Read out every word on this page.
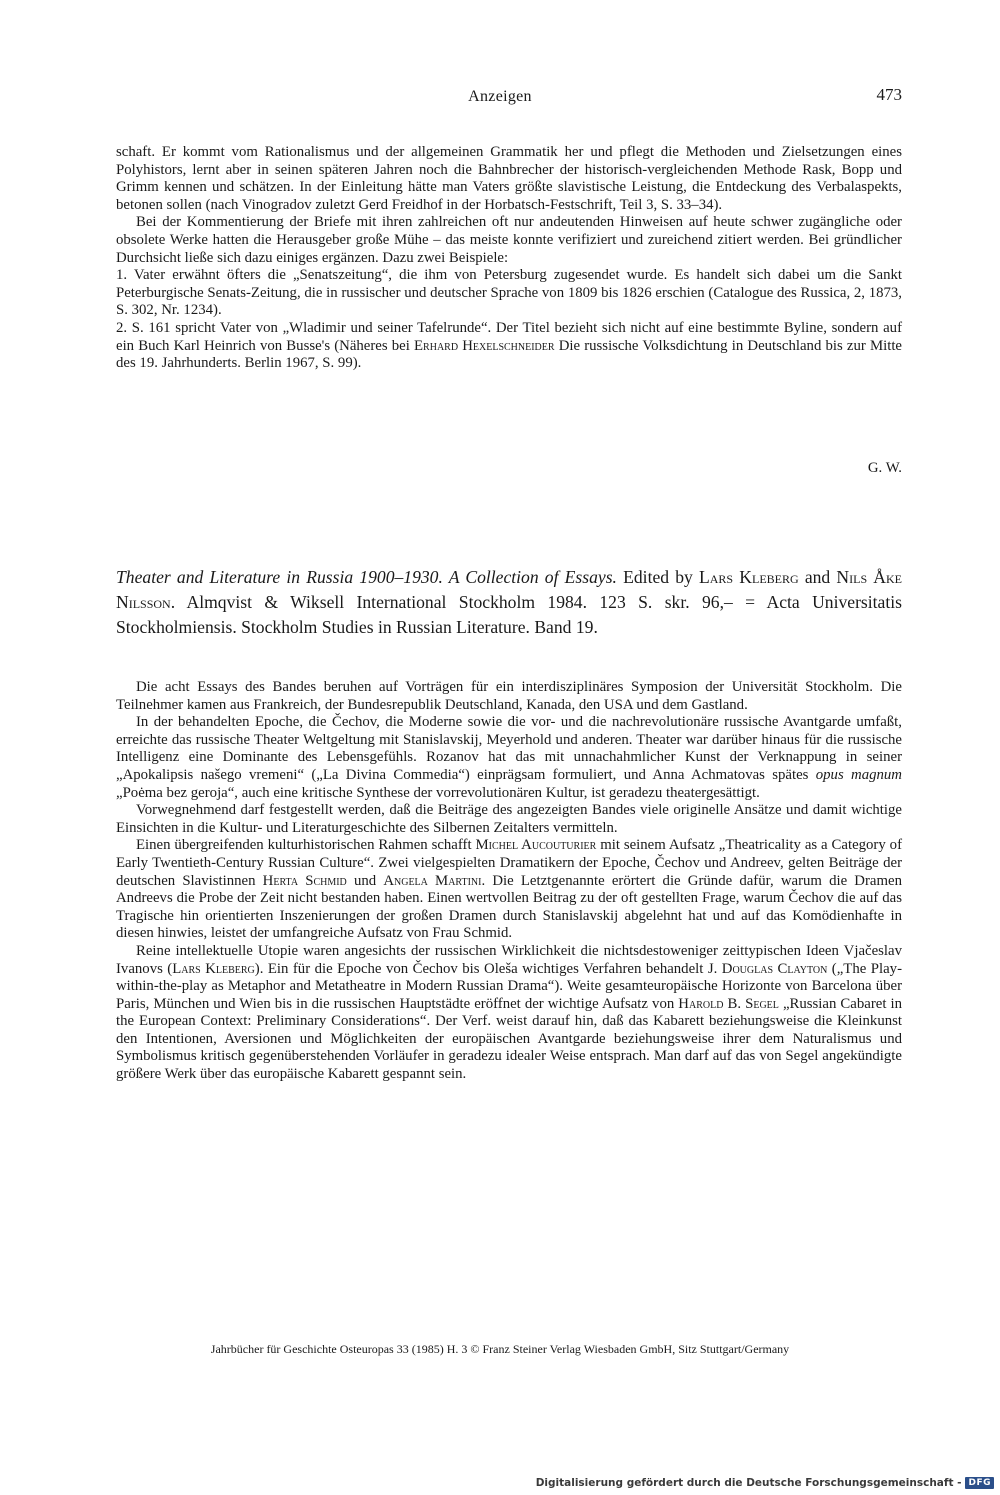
Anzeigen	473

schaft. Er kommt vom Rationalismus und der allgemeinen Grammatik her und pflegt die Methoden und Zielsetzungen eines Polyhistors, lernt aber in seinen späteren Jahren noch die Bahnbrecher der historisch-vergleichenden Methode Rask, Bopp und Grimm kennen und schätzen. In der Einleitung hätte man Vaters größte slavistische Leistung, die Entdeckung des Verbalaspekts, betonen sollen (nach Vinogradov zuletzt Gerd Freidhof in der Horbatsch-Festschrift, Teil 3, S. 33–34).

Bei der Kommentierung der Briefe mit ihren zahlreichen oft nur andeutenden Hinweisen auf heute schwer zugängliche oder obsolete Werke hatten die Herausgeber große Mühe – das meiste konnte verifiziert und zureichend zitiert werden. Bei gründlicher Durchsicht ließe sich dazu einiges ergänzen. Dazu zwei Beispiele:

1. Vater erwähnt öfters die „Senatszeitung“, die ihm von Petersburg zugesendet wurde. Es handelt sich dabei um die Sankt Peterburgische Senats-Zeitung, die in russischer und deutscher Sprache von 1809 bis 1826 erschien (Catalogue des Russica, 2, 1873, S. 302, Nr. 1234).

2. S. 161 spricht Vater von „Wladimir und seiner Tafelrunde“. Der Titel bezieht sich nicht auf eine bestimmte Byline, sondern auf ein Buch Karl Heinrich von Busse's (Näheres bei Erhard Hexelschneider Die russische Volksdichtung in Deutschland bis zur Mitte des 19. Jahrhunderts. Berlin 1967, S. 99).

G. W.
Theater and Literature in Russia 1900–1930. A Collection of Essays. Edited by Lars Kleberg and Nils Åke Nilsson. Almqvist & Wiksell International Stockholm 1984. 123 S. skr. 96,– = Acta Universitatis Stockholmiensis. Stockholm Studies in Russian Literature. Band 19.

Die acht Essays des Bandes beruhen auf Vorträgen für ein interdisziplinäres Symposion der Universität Stockholm. Die Teilnehmer kamen aus Frankreich, der Bundesrepublik Deutschland, Kanada, den USA und dem Gastland.

In der behandelten Epoche, die Čechov, die Moderne sowie die vor- und die nachrevolutionäre russische Avantgarde umfaßt, erreichte das russische Theater Weltgeltung mit Stanislavskij, Meyerhold und anderen. Theater war darüber hinaus für die russische Intelligenz eine Dominante des Lebensgefühls. Rozanov hat das mit unnachahmlicher Kunst der Verknappung in seiner „Apokalipsis našego vremeni“ („La Divina Commedia“) einprägsam formuliert, und Anna Achmatovas spätes opus magnum „Poėma bez geroja“, auch eine kritische Synthese der vorrevolutionären Kultur, ist geradezu theatergesättigt.

Vorwegnehmend darf festgestellt werden, daß die Beiträge des angezeigten Bandes viele originelle Ansätze und damit wichtige Einsichten in die Kultur- und Literaturgeschichte des Silbernen Zeitalters vermitteln.

Einen übergreifenden kulturhistorischen Rahmen schafft Michel Aucouturier mit seinem Aufsatz „Theatricality as a Category of Early Twentieth-Century Russian Culture“. Zwei vielgespielten Dramatikern der Epoche, Čechov und Andreev, gelten Beiträge der deutschen Slavistinnen Herta Schmid und Angela Martini. Die Letztgenannte erörtert die Gründe dafür, warum die Dramen Andreevs die Probe der Zeit nicht bestanden haben. Einen wertvollen Beitrag zu der oft gestellten Frage, warum Čechov die auf das Tragische hin orientierten Inszenierungen der großen Dramen durch Stanislavskij abgelehnt hat und auf das Komödienhafte in diesen hinwies, leistet der umfangreiche Aufsatz von Frau Schmid.

Reine intellektuelle Utopie waren angesichts der russischen Wirklichkeit die nichtsdestoweniger zeittypischen Ideen Vjačeslav Ivanovs (Lars Kleberg). Ein für die Epoche von Čechov bis Oleša wichtiges Verfahren behandelt J. Douglas Clayton („The Play-within-the-play as Metaphor and Metatheatre in Modern Russian Drama“). Weite gesamteuropäische Horizonte von Barcelona über Paris, München und Wien bis in die russischen Hauptstädte eröffnet der wichtige Aufsatz von Harold B. Segel „Russian Cabaret in the European Context: Preliminary Considerations“. Der Verf. weist darauf hin, daß das Kabarett beziehungsweise die Kleinkunst den Intentionen, Aversionen und Möglichkeiten der europäischen Avantgarde beziehungsweise ihrer dem Naturalismus und Symbolismus kritisch gegenüberstehenden Vorläufer in geradezu idealer Weise entsprach. Man darf auf das von Segel angekündigte größere Werk über das europäische Kabarett gespannt sein.

Jahrbücher für Geschichte Osteuropas 33 (1985) H. 3 © Franz Steiner Verlag Wiesbaden GmbH, Sitz Stuttgart/Germany
Digitalisierung gefördert durch die Deutsche Forschungsgemeinschaft - DFG
